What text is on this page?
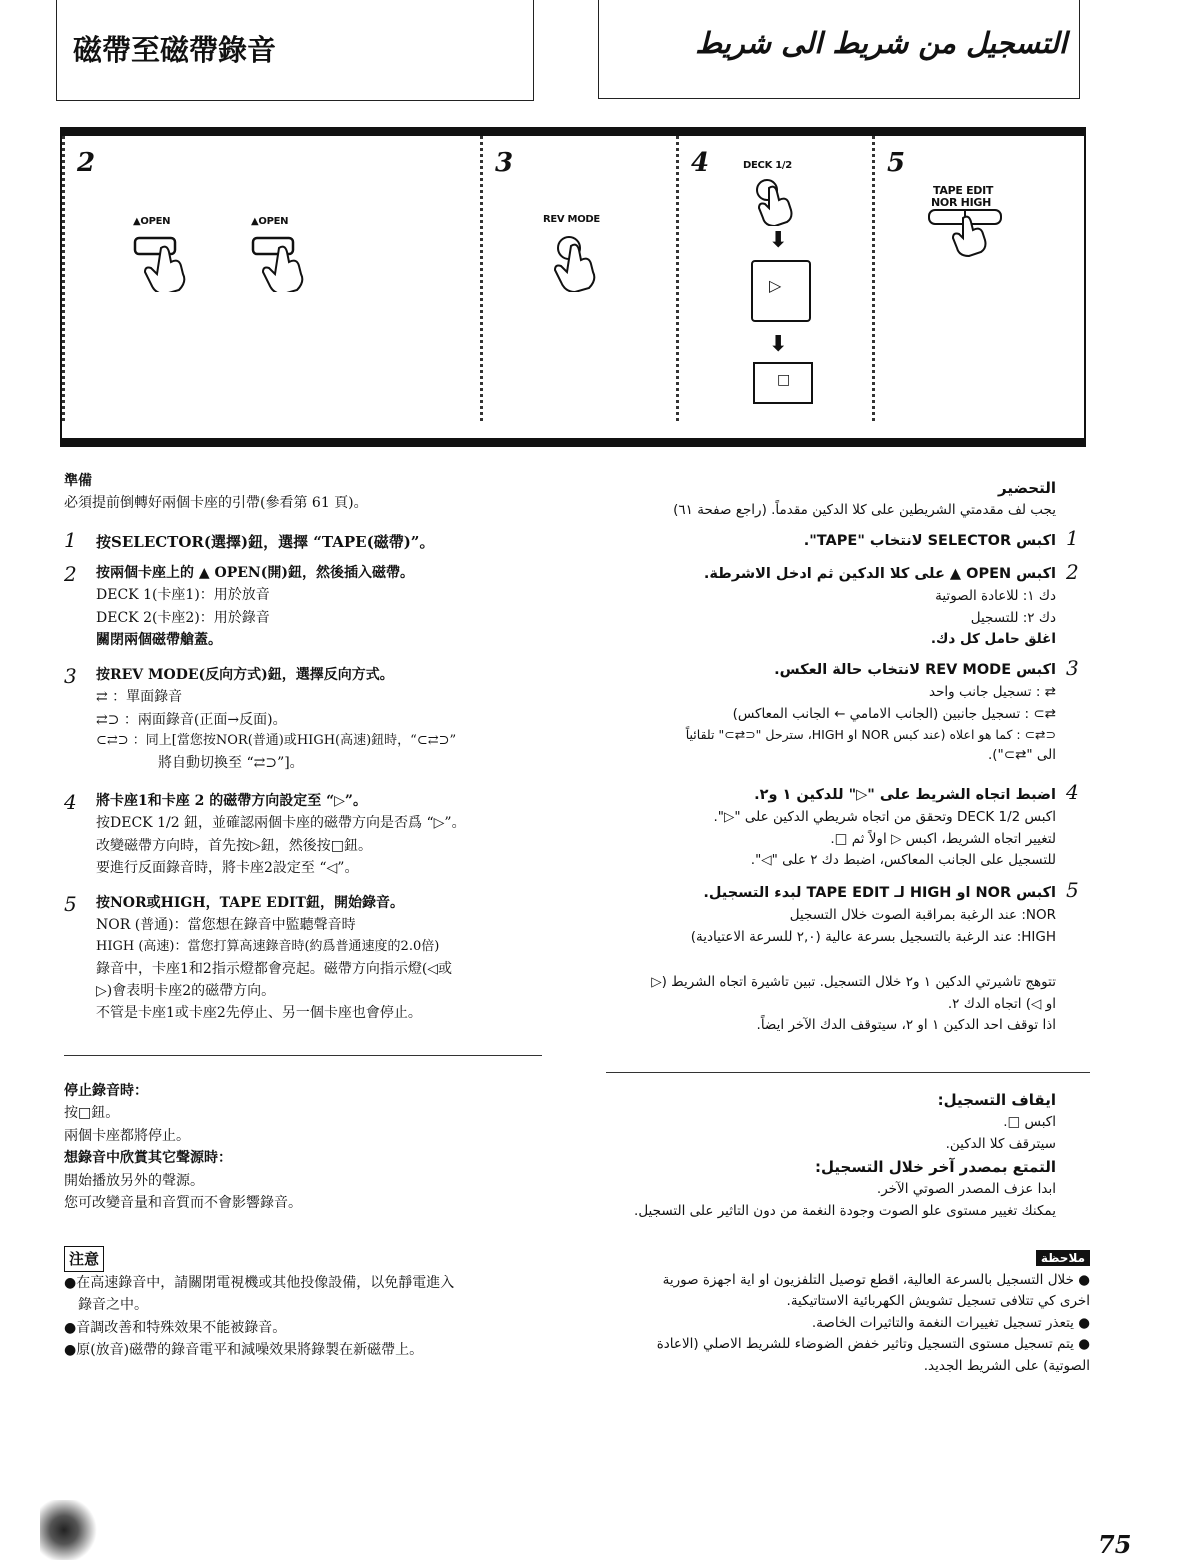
磁帶至磁帶錄音	التسجيل من شريط الى شريط
2
▲OPEN	▲OPEN
3
REV MODE
4	DECK 1/2
⬇
▷
⬇
□
5
TAPE EDIT
NOR HIGH
準備
必須提前倒轉好兩個卡座的引帶(參看第 61 頁)。
1 按SELECTOR(選擇)鈕，選擇 “TAPE(磁帶)”。
2 按兩個卡座上的 ▲ OPEN(開)鈕，然後插入磁帶。
DECK 1(卡座1)：用於放音
DECK 2(卡座2)：用於錄音
關閉兩個磁帶艙蓋。
3 按REV MODE(反向方式)鈕，選擇反向方式。
⇄ ：單面錄音
⇄⊃ ：兩面錄音(正面→反面)。
⊂⇄⊃ ：同上[當您按NOR(普通)或HIGH(高速)鈕時，“⊂⇄⊃”
將自動切換至 “⇄⊃”]。
4 將卡座1和卡座 2 的磁帶方向設定至 “▷”。
按DECK 1/2 鈕，並確認兩個卡座的磁帶方向是否爲 “▷”。
改變磁帶方向時，首先按▷鈕，然後按□鈕。
要進行反面錄音時，將卡座2設定至 “◁”。
5 按NOR或HIGH，TAPE EDIT鈕，開始錄音。
NOR (普通)：當您想在錄音中監聽聲音時
HIGH (高速)：當您打算高速錄音時(約爲普通速度的2.0倍)
錄音中，卡座1和2指示燈都會亮起。磁帶方向指示燈(◁或
▷)會表明卡座2的磁帶方向。
不管是卡座1或卡座2先停止、另一個卡座也會停止。
停止錄音時：
按□鈕。
兩個卡座都將停止。
想錄音中欣賞其它聲源時：
開始播放另外的聲源。
您可改變音量和音質而不會影響錄音。
注意
●在高速錄音中，請關閉電視機或其他投像設備，以免靜電進入
錄音之中。
●音調改善和特殊效果不能被錄音。
●原(放音)磁帶的錄音電平和減噪效果將錄製在新磁帶上。
التحضير
يجب لف مقدمتي الشريطين على كلا الدكين مقدماً. (راجع صفحة ٦١)
1
اكبس SELECTOR لانتخاب "TAPE".
2
اكبس OPEN ▲ على كلا الدكين ثم ادخل الاشرطة.
دك ١: للاعادة الصوتية
دك ٢: للتسجيل
اغلق حامل كل دك.
3
اكبس REV MODE لانتخاب حالة العكس.
⇄ : تسجيل جانب واحد
⇄⊃ : تسجيل جانبين (الجانب الامامي ← الجانب المعاكس)
⊂⇄⊃ : كما هو اعلاه (عند كبس NOR او HIGH، سترحل "⊂⇄⊃" تلقائياً
الى "⇄⊃").
4
اضبط اتجاه الشريط على "▷" للدكين ١ و٢.
اكبس DECK 1/2 وتحقق من اتجاه شريطي الدكين على "▷".
لتغيير اتجاه الشريط، اكبس ▷ اولاً ثم □.
للتسجيل على الجانب المعاكس، اضبط دك ٢ على "◁".
5
اكبس NOR او HIGH لـ TAPE EDIT لبدء التسجيل.
NOR: عند الرغبة بمراقبة الصوت خلال التسجيل
HIGH: عند الرغبة بالتسجيل بسرعة عالية (٢,٠ للسرعة الاعتيادية)
تتوهج تاشيرتي الدكين ١ و٢ خلال التسجيل. تبين تاشيرة اتجاه الشريط (▷
او ◁) اتجاه الدك ٢.
اذا توقف احد الدكين ١ او ٢، سيتوقف الدك الآخر ايضاً.
ايقاف التسجيل:
اكبس □.
سيترقف كلا الدكين.
التمتع بمصدر آخر خلال التسجيل:
ابدا عزف المصدر الصوتي الآخر.
يمكنك تغيير مستوى علو الصوت وجودة النغمة من دون التاثير على التسجيل.
ملاحظة
● خلال التسجيل بالسرعة العالية، اقطع توصيل التلفزيون او اية اجهزة صورية
اخرى كي تتلافى تسجيل تشويش الكهربائية الاستاتيكية.
● يتعذر تسجيل تغييرات النغمة والتاثيرات الخاصة.
● يتم تسجيل مستوى التسجيل وتاثير خفض الضوضاء للشريط الاصلي (الاعادة
الصوتية) على الشريط الجديد.
75
